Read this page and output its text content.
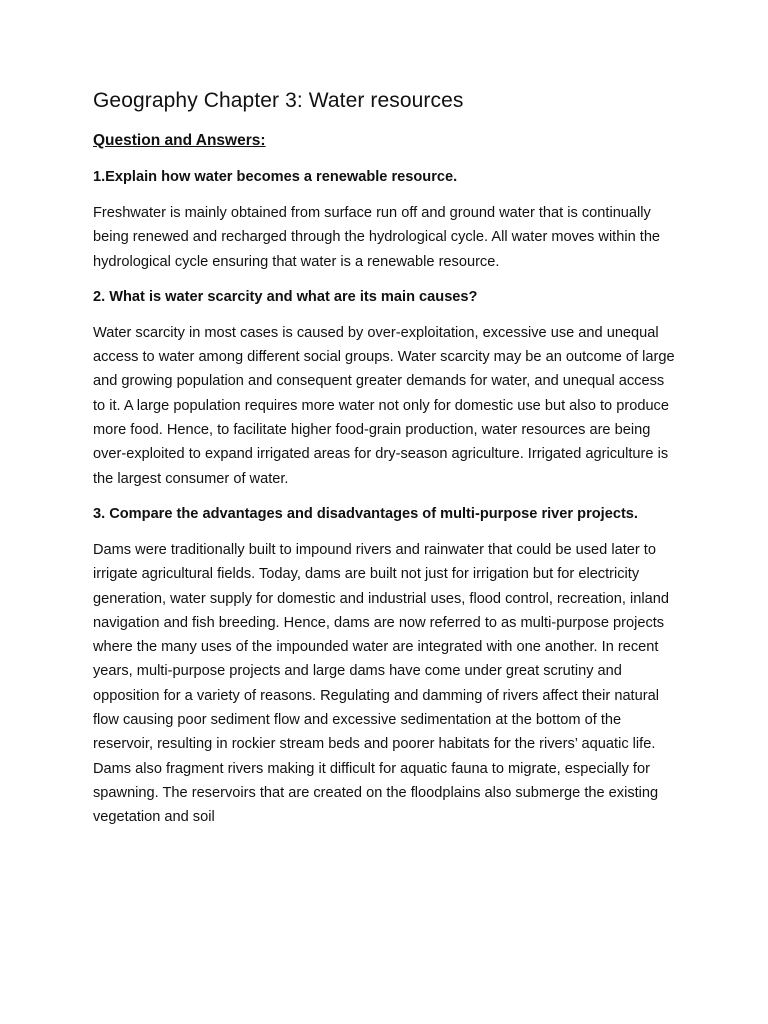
Geography Chapter 3: Water resources
Question and Answers:
1.Explain how water becomes a renewable resource.

Freshwater is mainly obtained from surface run off and ground water that is continually being renewed and recharged through the hydrological cycle. All water moves within the hydrological cycle ensuring that water is a renewable resource.

2. What is water scarcity and what are its main causes?

Water scarcity in most cases is caused by over-exploitation, excessive use and unequal access to water among different social groups. Water scarcity may be an outcome of large and growing population and consequent greater demands for water, and unequal access to it. A large population requires more water not only for domestic use but also to produce more food. Hence, to facilitate higher food-grain production, water resources are being over-exploited to expand irrigated areas for dry-season agriculture. Irrigated agriculture is the largest consumer of water.

3. Compare the advantages and disadvantages of multi-purpose river projects.

Dams were traditionally built to impound rivers and rainwater that could be used later to irrigate agricultural fields. Today, dams are built not just for irrigation but for electricity generation, water supply for domestic and industrial uses, flood control, recreation, inland navigation and fish breeding. Hence, dams are now referred to as multi-purpose projects where the many uses of the impounded water are integrated with one another. In recent years, multi-purpose projects and large dams have come under great scrutiny and opposition for a variety of reasons. Regulating and damming of rivers affect their natural flow causing poor sediment flow and excessive sedimentation at the bottom of the reservoir, resulting in rockier stream beds and poorer habitats for the rivers’ aquatic life. Dams also fragment rivers making it difficult for aquatic fauna to migrate, especially for spawning. The reservoirs that are created on the floodplains also submerge the existing vegetation and soil
